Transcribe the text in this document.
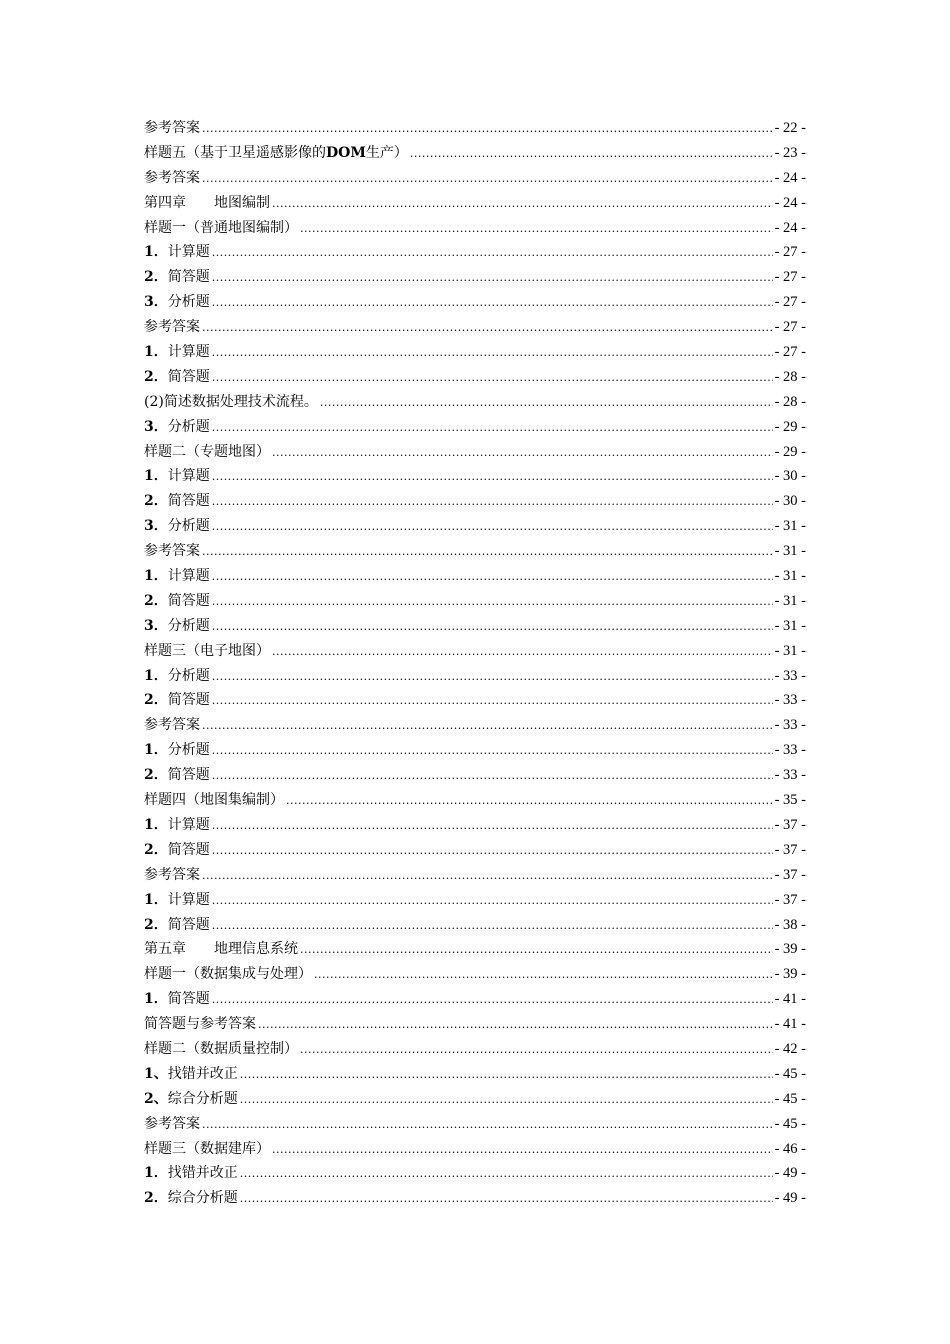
参考答案 .....	- 22 -
样题五（基于卫星遥感影像的DOM生产） .....	- 23 -
参考答案 .....	- 24 -
第四章　　地图编制 .....	- 24 -
样题一（普通地图编制） .....	- 24 -
1．计算题 .....	- 27 -
2．简答题 .....	- 27 -
3．分析题 .....	- 27 -
参考答案 .....	- 27 -
1．计算题 .....	- 27 -
2．简答题 .....	- 28 -
(2)简述数据处理技术流程。 .....	- 28 -
3．分析题 .....	- 29 -
样题二（专题地图） .....	- 29 -
1．计算题 .....	- 30 -
2．简答题 .....	- 30 -
3．分析题 .....	- 31 -
参考答案 .....	- 31 -
1．计算题 .....	- 31 -
2．简答题 .....	- 31 -
3．分析题 .....	- 31 -
样题三（电子地图） .....	- 31 -
1．分析题 .....	- 33 -
2．简答题 .....	- 33 -
参考答案 .....	- 33 -
1．分析题 .....	- 33 -
2．简答题 .....	- 33 -
样题四（地图集编制） .....	- 35 -
1．计算题 .....	- 37 -
2．简答题 .....	- 37 -
参考答案 .....	- 37 -
1．计算题 .....	- 37 -
2．简答题 .....	- 38 -
第五章　　地理信息系统 .....	- 39 -
样题一（数据集成与处理） .....	- 39 -
1．简答题 .....	- 41 -
简答题与参考答案 .....	- 41 -
样题二（数据质量控制） .....	- 42 -
1、找错并改正 .....	- 45 -
2、综合分析题 .....	- 45 -
参考答案 .....	- 45 -
样题三（数据建库） .....	- 46 -
1．找错并改正 .....	- 49 -
2．综合分析题 .....	- 49 -
